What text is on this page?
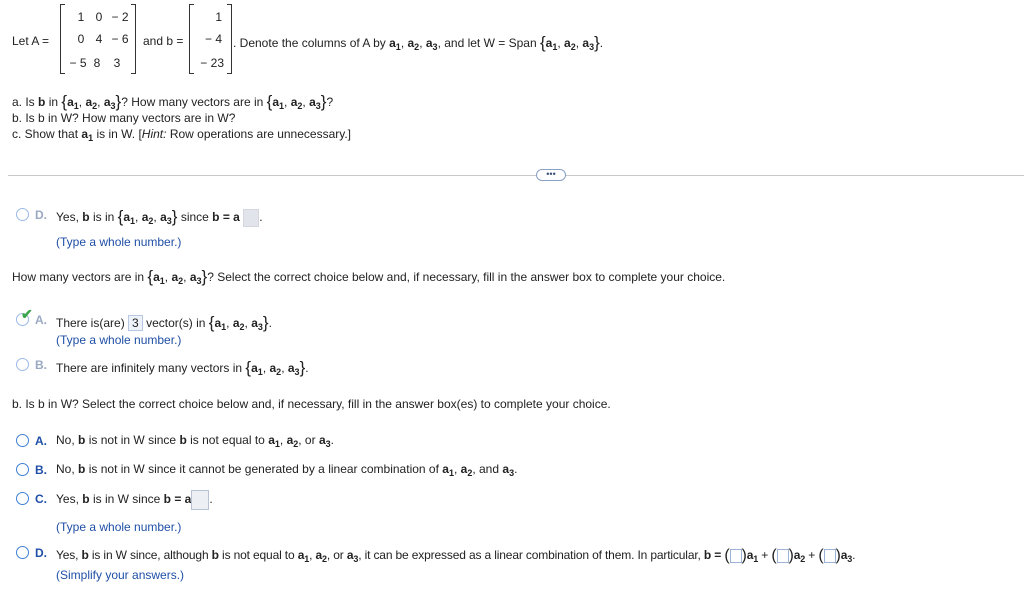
Let A =
1 0 − 2
0 4 − 6
− 5 8	3
and b =
1
− 4
− 23
. Denote the columns of A by $a_1$, $a_2$, $a_3$, and let W = Span {$a_1$, $a_2$, $a_3$}.
a. Is b in {$a_1$, $a_2$, $a_3$}? How many vectors are in {$a_1$, $a_2$, $a_3$}?
b. Is b in W? How many vectors are in W?
c. Show that $a_1$ is in W. [Hint: Row operations are unnecessary.]
•••
D. Yes, b is in {$a_1$, $a_2$, $a_3$} since b = a .
(Type a whole number.)
How many vectors are in {$a_1$, $a_2$, $a_3$}? Select the correct choice below and, if necessary, fill in the answer box to complete your choice.
✔ A. There is(are) 3 vector(s) in {$a_1$, $a_2$, $a_3$}.
(Type a whole number.)
B. There are infinitely many vectors in {$a_1$, $a_2$, $a_3$}.
b. Is b in W? Select the correct choice below and, if necessary, fill in the answer box(es) to complete your choice.
A. No, b is not in W since b is not equal to $a_1$, $a_2$, or $a_3$.
B. No, b is not in W since it cannot be generated by a linear combination of $a_1$, $a_2$, and $a_3$.
C. Yes, b is in W since b = a .
(Type a whole number.)
D. Yes, b is in W since, although b is not equal to $a_1$, $a_2$, or $a_3$, it can be expressed as a linear combination of them. In particular, b = ( )$a_1$ + ( )$a_2$ + ( )$a_3$.
(Simplify your answers.)
